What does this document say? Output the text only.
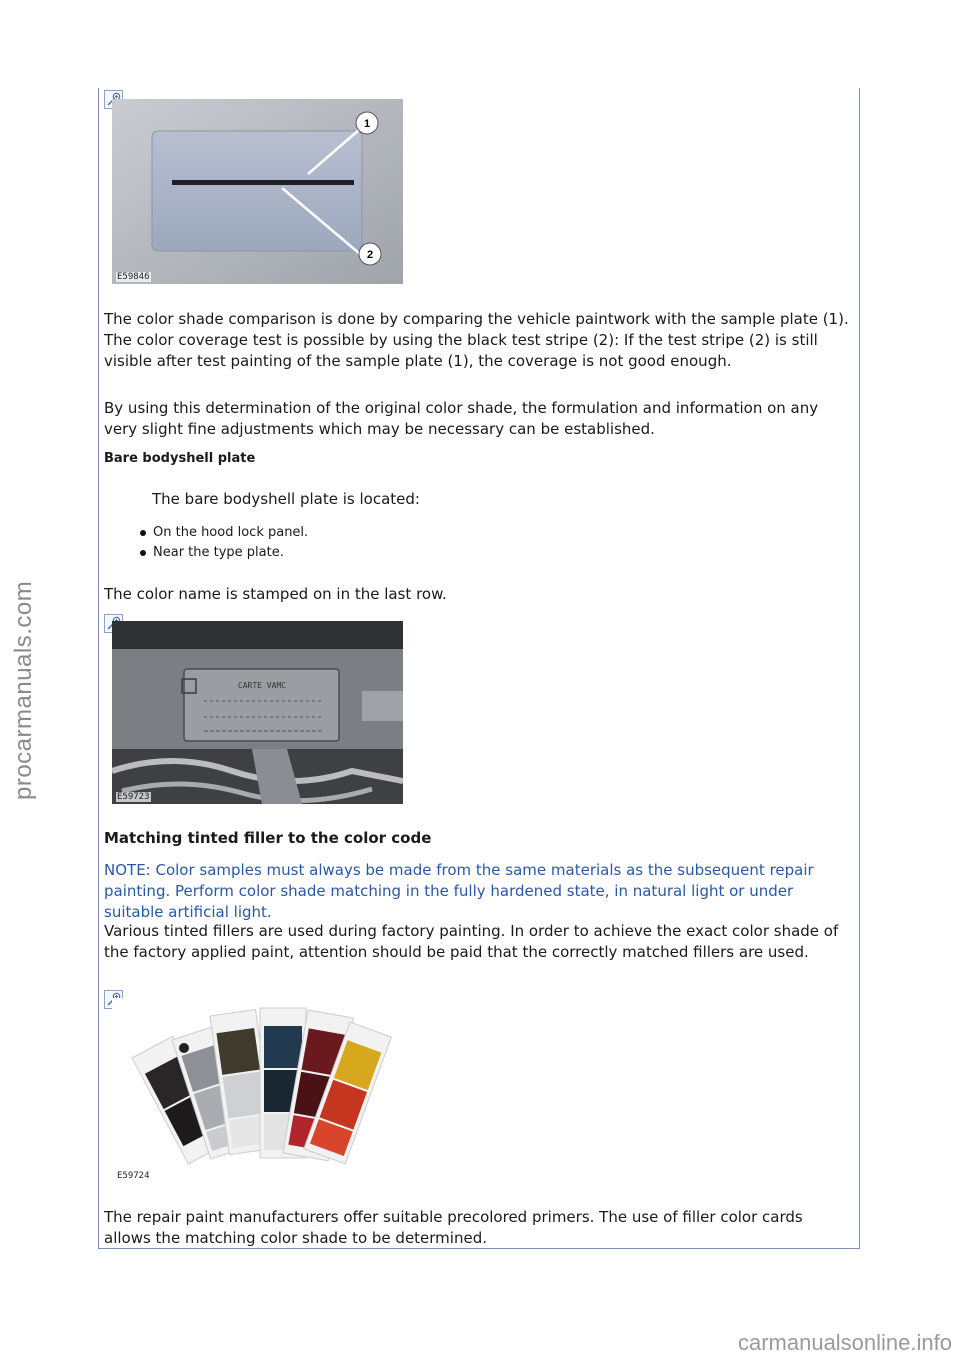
procarmanuals.com
carmanualsonline.info
1
2
E59846
The color shade comparison is done by comparing the vehicle paintwork with the sample plate (1). The color coverage test is possible by using the black test stripe (2): If the test stripe (2) is still visible after test painting of the sample plate (1), the coverage is not good enough.
By using this determination of the original color shade, the formulation and information on any very slight fine adjustments which may be necessary can be established.
Bare bodyshell plate
The bare bodyshell plate is located:
On the hood lock panel.
Near the type plate.
The color name is stamped on in the last row.
CARTE VAMC
E59723
Matching tinted filler to the color code
NOTE: Color samples must always be made from the same materials as the subsequent repair painting. Perform color shade matching in the fully hardened state, in natural light or under suitable artificial light.
Various tinted fillers are used during factory painting. In order to achieve the exact color shade of the factory applied paint, attention should be paid that the correctly matched fillers are used.
E59724
The repair paint manufacturers offer suitable precolored primers. The use of filler color cards allows the matching color shade to be determined.
